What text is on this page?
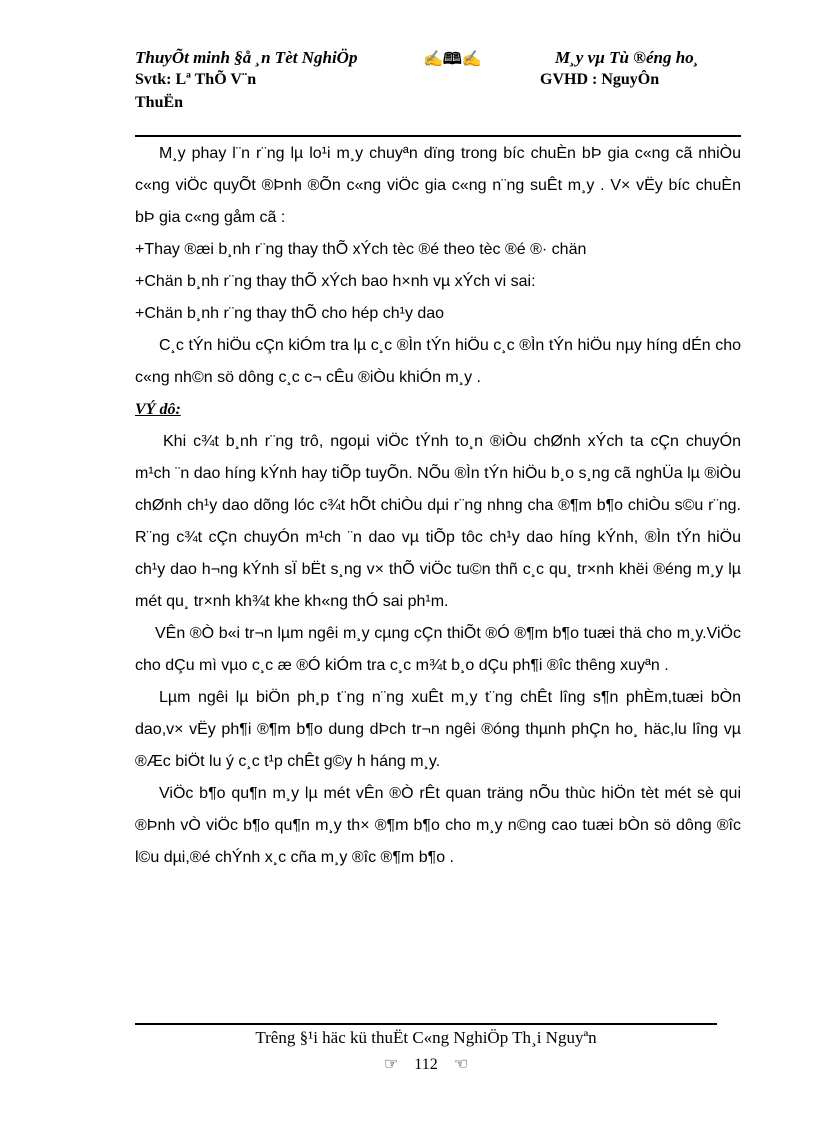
ThuyÕt minh §å ¸n Tèt NghiÖp	✍🕮✍	M¸y vµ Tù ®éng ho¸
Svtk: Lª ThÕ V¨n	GVHD : NguyÔn
ThuËn

M¸y phay l¨n r¨ng lµ lo¹i m¸y chuyªn dïng trong bíc chuÈn bÞ gia c«ng cã nhiÒu c«ng viÖc quyÕt ®Þnh ®Õn c«ng viÖc gia c«ng n¨ng suÊt m¸y . V× vËy bíc chuÈn bÞ gia c«ng gåm cã :

+Thay ®æi b¸nh r¨ng thay thÕ xÝch tèc ®é theo tèc ®é ®· chän

+Chän b¸nh r¨ng thay thÕ xÝch bao h×nh vµ xÝch vi sai:

+Chän b¸nh r¨ng thay thÕ cho hép ch¹y dao

C¸c tÝn hiÖu cÇn kiÓm tra lµ c¸c ®Ìn tÝn hiÖu c¸c ®Ìn tÝn hiÖu nµy híng dÉn cho c«ng nh©n sö dông c¸c c¬ cÊu ®iÒu khiÓn m¸y .

VÝ dô:

Khi c¾t b¸nh r¨ng trô, ngoµi viÖc tÝnh to¸n ®iÒu chØnh xÝch ta cÇn chuyÓn m¹ch ¨n dao híng kÝnh hay tiÕp tuyÕn. NÕu ®Ìn tÝn hiÖu b¸o s¸ng cã nghÜa lµ ®iÒu chØnh ch¹y dao dõng lóc c¾t hÕt chiÒu dµi r¨ng nhng cha ®¶m b¶o chiÒu s©u r¨ng. R¨ng c¾t cÇn chuyÓn m¹ch ¨n dao vµ tiÕp tôc ch¹y dao híng kÝnh, ®Ìn tÝn hiÖu ch¹y dao h¬ng kÝnh sÏ bËt s¸ng v× thÕ viÖc tu©n thñ c¸c qu¸ tr×nh khëi ®éng m¸y lµ mét qu¸ tr×nh kh¾t khe kh«ng thÓ sai ph¹m.

VÊn ®Ò b«i tr¬n lµm ngêi m¸y cµng cÇn thiÕt ®Ó ®¶m b¶o tuæi thä cho m¸y.ViÖc cho dÇu mì vµo c¸c æ ®Ó kiÓm tra c¸c m¾t b¸o dÇu ph¶i ®îc thêng xuyªn .

Lµm ngêi lµ biÖn ph¸p t¨ng n¨ng xuÊt m¸y t¨ng chÊt lîng s¶n phÈm,tuæi bÒn dao,v× vËy ph¶i ®¶m b¶o dung dÞch tr¬n ngêi ®óng thµnh phÇn ho¸ häc,lu lîng vµ ®Æc biÖt lu ý c¸c t¹p chÊt g©y h háng m¸y.

ViÖc b¶o qu¶n m¸y lµ mét vÊn ®Ò rÊt quan träng nÕu thùc hiÖn tèt mét sè qui ®Þnh vÒ viÖc b¶o qu¶n m¸y th× ®¶m b¶o cho m¸y n©ng cao tuæi bÒn sö dông ®îc l©u dµi,®é chÝnh x¸c cña m¸y ®îc ®¶m b¶o .

Trêng §¹i häc kü thuËt C«ng NghiÖp Th¸i Nguyªn
☞ 112 ☜
